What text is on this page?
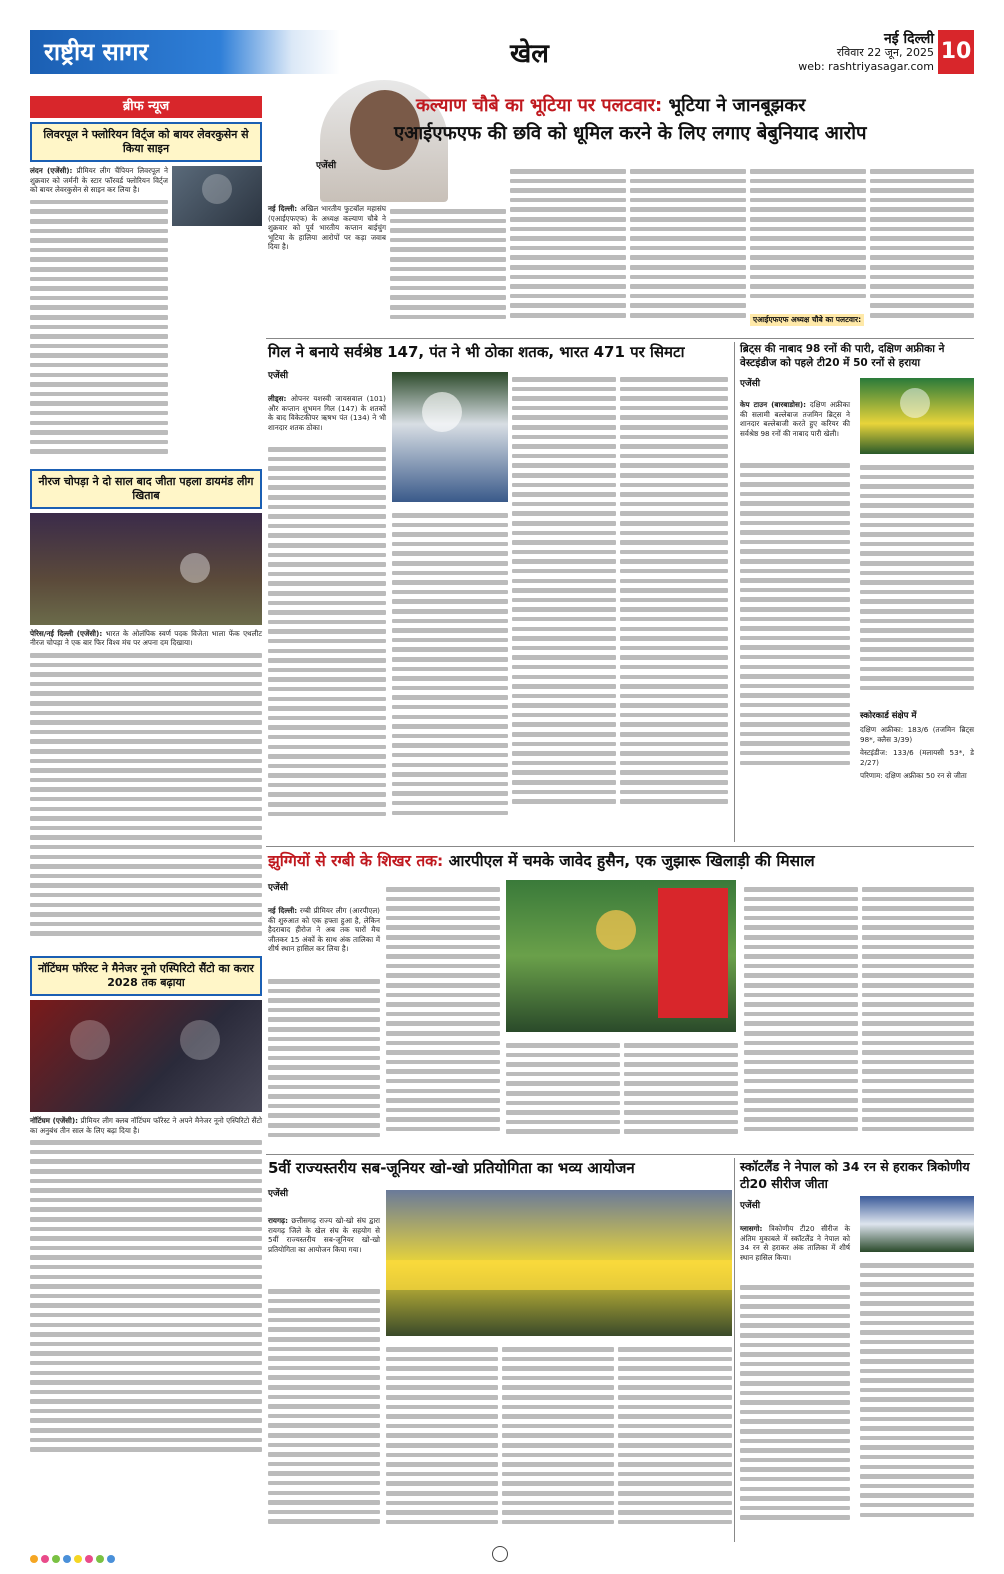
राष्ट्रीय सागर	खेल	नई दिल्ली
रविवार 22 जून, 2025
web: rashtriyasagar.com
10
ब्रीफ न्यूज
लिवरपूल ने फ्लोरियन विर्ट्ज को बायर लेवरकुसेन से किया साइन
लंदन (एजेंसी): प्रीमियर लीग चैंपियन लिवरपूल ने शुक्रवार को जर्मनी के स्टार फॉरवर्ड फ्लोरियन विर्ट्ज को बायर लेवरकुसेन से साइन कर लिया है।
नीरज चोपड़ा ने दो साल बाद जीता पहला डायमंड लीग खिताब
पेरिस/नई दिल्ली (एजेंसी): भारत के ओलंपिक स्वर्ण पदक विजेता भाला फेंक एथलीट नीरज चोपड़ा ने एक बार फिर विश्व मंच पर अपना दम दिखाया।
नॉटिंघम फॉरेस्ट ने मैनेजर नूनो एस्पिरिटो सैंटो का करार 2028 तक बढ़ाया
नॉटिंघम (एजेंसी): प्रीमियर लीग क्लब नॉटिंघम फॉरेस्ट ने अपने मैनेजर नूनो एस्पिरिटो सैंटो का अनुबंध तीन साल के लिए बढ़ा दिया है।
कल्याण चौबे का भूटिया पर पलटवार: भूटिया ने जानबूझकर
एआईएफएफ की छवि को धूमिल करने के लिए लगाए बेबुनियाद आरोप
एजेंसी
नई दिल्ली: अखिल भारतीय फुटबॉल महासंघ (एआईएफएफ) के अध्यक्ष कल्याण चौबे ने शुक्रवार को पूर्व भारतीय कप्तान बाईचुंग भूटिया के हालिया आरोपों पर कड़ा जवाब दिया है।
एआईएफएफ अध्यक्ष चौबे का पलटवार:
गिल ने बनाये सर्वश्रेष्ठ 147, पंत ने भी ठोका शतक, भारत 471 पर सिमटा
एजेंसी
लीड्स: ओपनर यशस्वी जायसवाल (101) और कप्तान शुभमन गिल (147) के शतकों के बाद विकेटकीपर ऋषभ पंत (134) ने भी शानदार शतक ठोका।
ब्रिट्स की नाबाद 98 रनों की पारी, दक्षिण अफ्रीका ने वेस्टइंडीज को पहले टी20 में 50 रनों से हराया
एजेंसी
केप टाउन (बारबाडोस): दक्षिण अफ्रीका की सलामी बल्लेबाज तजमिन ब्रिट्स ने शानदार बल्लेबाजी करते हुए करियर की सर्वश्रेष्ठ 98 रनों की नाबाद पारी खेली।
स्कोरकार्ड संक्षेप में
दक्षिण अफ्रीका: 183/6 (तजमिन ब्रिट्स 98*, क्लैस 3/39)
वेस्टइंडीज: 133/6 (मलायसी 53*, डे 2/27)
परिणाम: दक्षिण अफ्रीका 50 रन से जीता
झुग्गियों से रग्बी के शिखर तक: आरपीएल में चमके जावेद हुसैन, एक जुझारू खिलाड़ी की मिसाल
एजेंसी
नई दिल्ली: रग्बी प्रीमियर लीग (आरपीएल) की शुरुआत को एक हफ्ता हुआ है, लेकिन हैदराबाद हीरोज ने अब तक चारों मैच जीतकर 15 अंकों के साथ अंक तालिका में शीर्ष स्थान हासिल कर लिया है।
5वीं राज्यस्तरीय सब-जूनियर खो-खो प्रतियोगिता का भव्य आयोजन
एजेंसी
रायगढ़: छत्तीसगढ़ राज्य खो-खो संघ द्वारा रायगढ़ जिले के खेल संघ के सहयोग से 5वीं राज्यस्तरीय सब-जूनियर खो-खो प्रतियोगिता का आयोजन किया गया।
स्कॉटलैंड ने नेपाल को 34 रन से हराकर त्रिकोणीय टी20 सीरीज जीता
एजेंसी
ग्लासगो: त्रिकोणीय टी20 सीरीज के अंतिम मुकाबले में स्कॉटलैंड ने नेपाल को 34 रन से हराकर अंक तालिका में शीर्ष स्थान हासिल किया।
